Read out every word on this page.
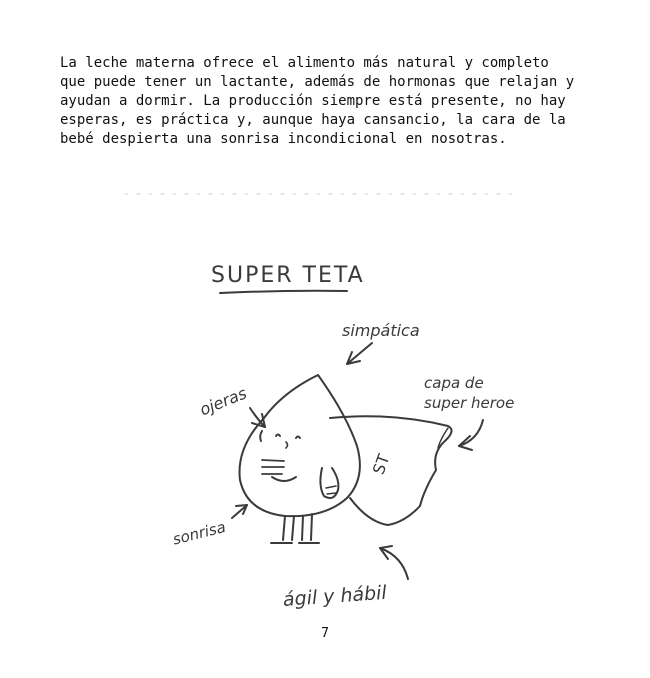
La leche materna ofrece el alimento más natural y completo
que puede tener un lactante, además de hormonas que relajan y
ayudan a dormir. La producción siempre está presente, no hay
esperas, es práctica y, aunque haya cansancio, la cara de la
bebé despierta una sonrisa incondicional en nosotras.
SUPER TETA
simpática
ojeras
capa de
super heroe
sonrisa
ágil y hábil
ST
7
